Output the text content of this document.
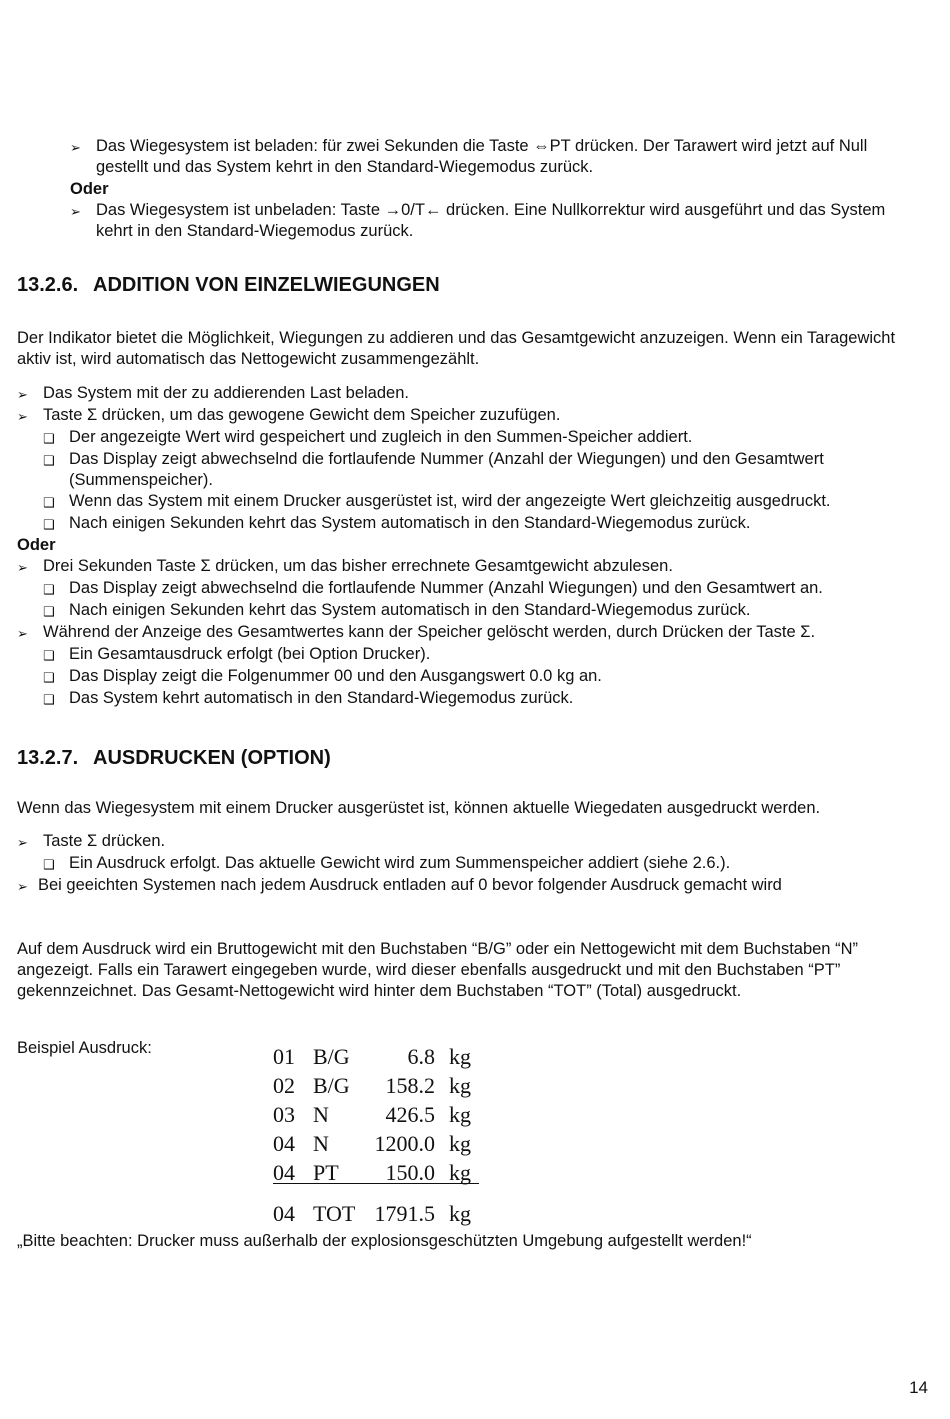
➢ Das Wiegesystem ist beladen: für zwei Sekunden die Taste ⇔PT drücken. Der Tarawert wird jetzt auf Null gestellt und das System kehrt in den Standard-Wiegemodus zurück.
Oder
➢ Das Wiegesystem ist unbeladen: Taste →0/T← drücken. Eine Nullkorrektur wird ausgeführt und das System kehrt in den Standard-Wiegemodus zurück.
13.2.6. ADDITION VON EINZELWIEGUNGEN
Der Indikator bietet die Möglichkeit, Wiegungen zu addieren und das Gesamtgewicht anzuzeigen. Wenn ein Taragewicht aktiv ist, wird automatisch das Nettogewicht zusammengezählt.
➢ Das System mit der zu addierenden Last beladen.
➢ Taste Σ drücken, um das gewogene Gewicht dem Speicher zuzufügen.
❑ Der angezeigte Wert wird gespeichert und zugleich in den Summen-Speicher addiert.
❑ Das Display zeigt abwechselnd die fortlaufende Nummer (Anzahl der Wiegungen) und den Gesamtwert (Summenspeicher).
❑ Wenn das System mit einem Drucker ausgerüstet ist, wird der angezeigte Wert gleichzeitig ausgedruckt.
❑ Nach einigen Sekunden kehrt das System automatisch in den Standard-Wiegemodus zurück.
Oder
➢ Drei Sekunden Taste Σ drücken, um das bisher errechnete Gesamtgewicht abzulesen.
❑ Das Display zeigt abwechselnd die fortlaufende Nummer (Anzahl Wiegungen) und den Gesamtwert an.
❑ Nach einigen Sekunden kehrt das System automatisch in den Standard-Wiegemodus zurück.
➢ Während der Anzeige des Gesamtwertes kann der Speicher gelöscht werden, durch Drücken der Taste Σ.
❑ Ein Gesamtausdruck erfolgt (bei Option Drucker).
❑ Das Display zeigt die Folgenummer 00 und den Ausgangswert 0.0 kg an.
❑ Das System kehrt automatisch in den Standard-Wiegemodus zurück.
13.2.7. AUSDRUCKEN (OPTION)
Wenn das Wiegesystem mit einem Drucker ausgerüstet ist, können aktuelle Wiegedaten ausgedruckt werden.
➢ Taste Σ drücken.
❑ Ein Ausdruck erfolgt. Das aktuelle Gewicht wird zum Summenspeicher addiert (siehe 2.6.).
➢ Bei geeichten Systemen nach jedem Ausdruck entladen auf 0 bevor folgender Ausdruck gemacht wird
Auf dem Ausdruck wird ein Bruttogewicht mit den Buchstaben “B/G” oder ein Nettogewicht mit dem Buchstaben “N” angezeigt. Falls ein Tarawert eingegeben wurde, wird dieser ebenfalls ausgedruckt und mit den Buchstaben “PT” gekennzeichnet. Das Gesamt-Nettogewicht wird hinter dem Buchstaben “TOT” (Total) ausgedruckt.
Beispiel Ausdruck:	01	B/G	6.8	kg
02	B/G	158.2	kg
03	N	426.5	kg
04	N	1200.0	kg
04	PT	150.0	kg
04	TOT	1791.5	kg
„Bitte beachten: Drucker muss außerhalb der explosionsgeschützten Umgebung aufgestellt werden!“
14
